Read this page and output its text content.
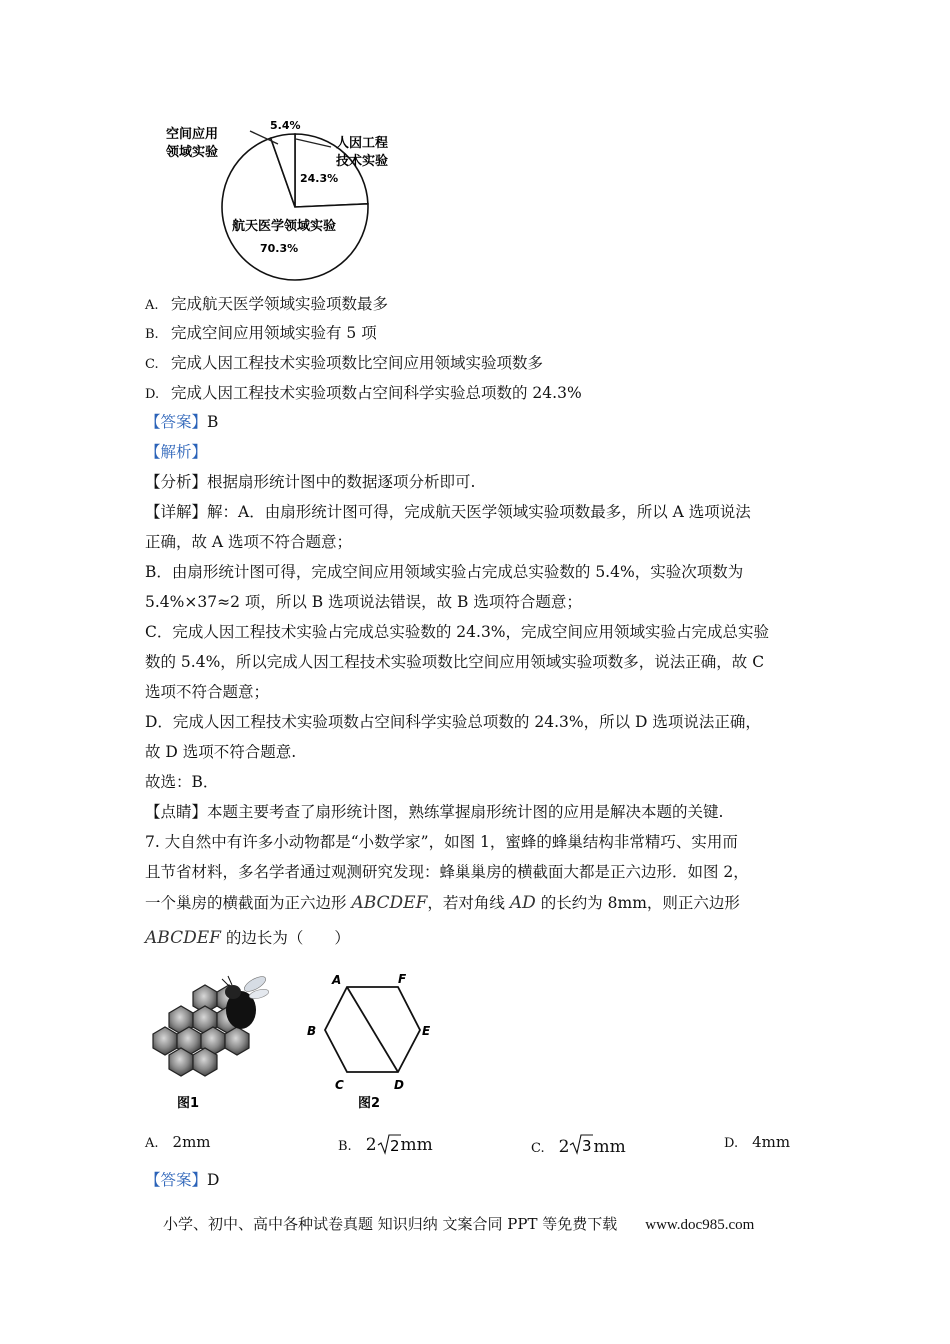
空间应用
领域实验
5.4%
人因工程
技术实验
24.3%
航天医学领域实验
70.3%
A. 完成航天医学领域实验项数最多
B. 完成空间应用领域实验有 5 项
C. 完成人因工程技术实验项数比空间应用领域实验项数多
D. 完成人因工程技术实验项数占空间科学实验总项数的 24.3%
【答案】B
【解析】
【分析】根据扇形统计图中的数据逐项分析即可.
【详解】解：A．由扇形统计图可得，完成航天医学领域实验项数最多，所以 A 选项说法
正确，故 A 选项不符合题意；
B．由扇形统计图可得，完成空间应用领域实验占完成总实验数的 5.4%，实验次项数为
5.4%×37≈2 项，所以 B 选项说法错误，故 B 选项符合题意；
C．完成人因工程技术实验占完成总实验数的 24.3%，完成空间应用领域实验占完成总实验
数的 5.4%，所以完成人因工程技术实验项数比空间应用领域实验项数多，说法正确，故 C
选项不符合题意；
D．完成人因工程技术实验项数占空间科学实验总项数的 24.3%，所以 D 选项说法正确，
故 D 选项不符合题意.
故选：B．
【点睛】本题主要考查了扇形统计图，熟练掌握扇形统计图的应用是解决本题的关键.
7. 大自然中有许多小动物都是“小数学家”，如图 1，蜜蜂的蜂巢结构非常精巧、实用而
且节省材料，多名学者通过观测研究发现：蜂巢巢房的横截面大都是正六边形．如图 2，
一个巢房的横截面为正六边形 ABCDEF，若对角线 AD 的长约为 8mm，则正六边形
ABCDEF 的边长为（　　）
图1
A	F
B	E
C	D
图2
A. 2mm	B. 2 2 mm	C. 2 3 mm	D. 4mm
【答案】D
小学、初中、高中各种试卷真题 知识归纳 文案合同 PPT 等免费下载 www.doc985.com
